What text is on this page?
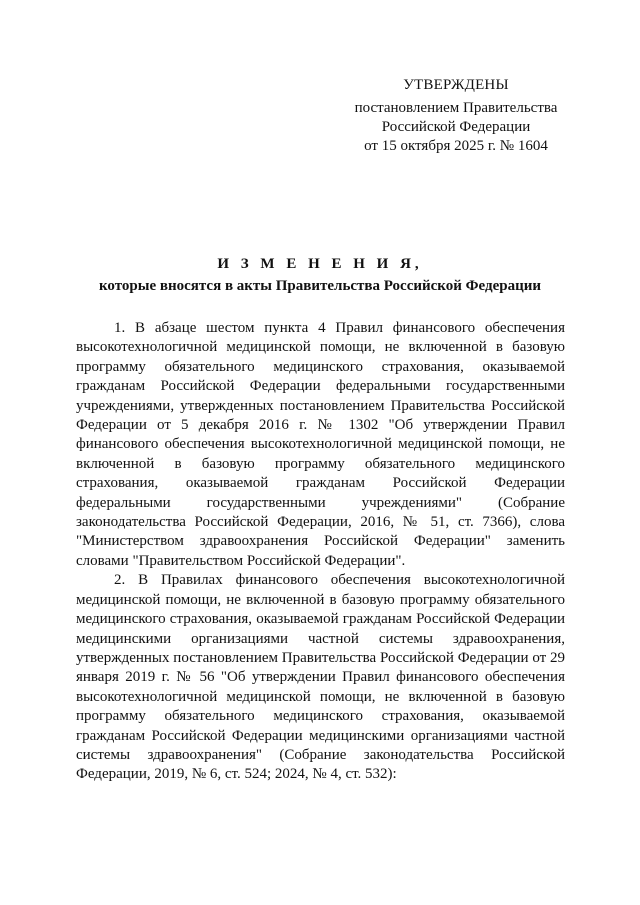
УТВЕРЖДЕНЫ
постановлением Правительства
Российской Федерации
от 15 октября 2025 г. № 1604
И З М Е Н Е Н И Я,
которые вносятся в акты Правительства Российской Федерации

1. В абзаце шестом пункта 4 Правил финансового обеспечения высокотехнологичной медицинской помощи, не включенной в базовую программу обязательного медицинского страхования, оказываемой гражданам Российской Федерации федеральными государственными учреждениями, утвержденных постановлением Правительства Российской Федерации от 5 декабря 2016 г. № 1302 "Об утверждении Правил финансового обеспечения высокотехнологичной медицинской помощи, не включенной в базовую программу обязательного медицинского страхования, оказываемой гражданам Российской Федерации федеральными государственными учреждениями" (Собрание законодательства Российской Федерации, 2016, № 51, ст. 7366), слова "Министерством здравоохранения Российской Федерации" заменить словами "Правительством Российской Федерации".

2. В Правилах финансового обеспечения высокотехнологичной медицинской помощи, не включенной в базовую программу обязательного медицинского страхования, оказываемой гражданам Российской Федерации медицинскими организациями частной системы здравоохранения, утвержденных постановлением Правительства Российской Федерации от 29 января 2019 г. № 56 "Об утверждении Правил финансового обеспечения высокотехнологичной медицинской помощи, не включенной в базовую программу обязательного медицинского страхования, оказываемой гражданам Российской Федерации медицинскими организациями частной системы здравоохранения" (Собрание законодательства Российской Федерации, 2019, № 6, ст. 524; 2024, № 4, ст. 532):
